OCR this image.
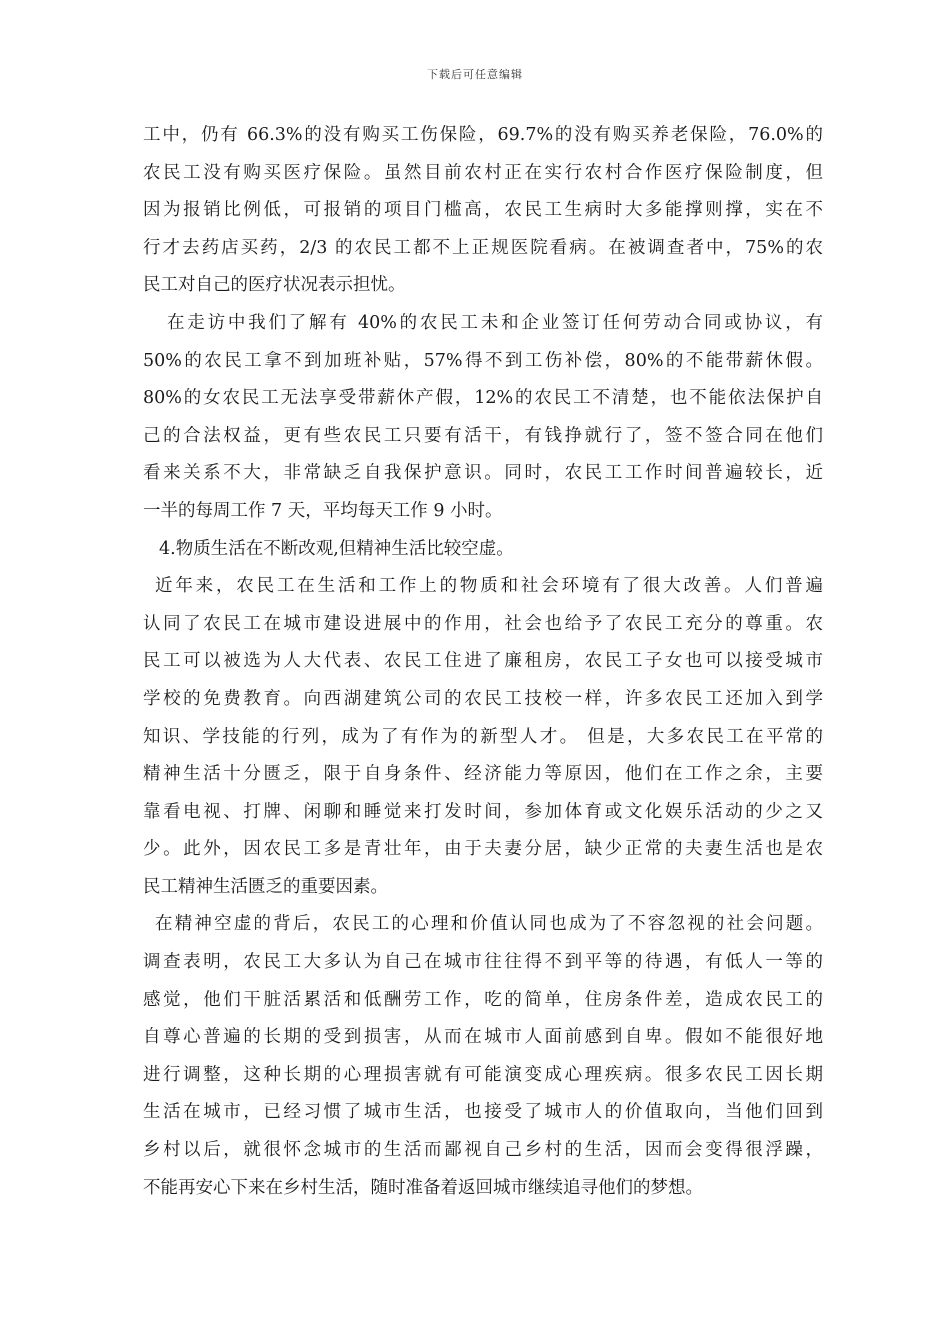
下载后可任意编辑
工中，仍有 66.3%的没有购买工伤保险，69.7%的没有购买养老保险，76.0%的
农民工没有购买医疗保险。虽然目前农村正在实行农村合作医疗保险制度，但
因为报销比例低，可报销的项目门槛高，农民工生病时大多能撑则撑，实在不
行才去药店买药，2/3 的农民工都不上正规医院看病。在被调查者中，75%的农
民工对自己的医疗状况表示担忧。
在走访中我们了解有 40%的农民工未和企业签订任何劳动合同或协议，有
50%的农民工拿不到加班补贴，57%得不到工伤补偿，80%的不能带薪休假。
80%的女农民工无法享受带薪休产假，12%的农民工不清楚，也不能依法保护自
己的合法权益，更有些农民工只要有活干，有钱挣就行了，签不签合同在他们
看来关系不大，非常缺乏自我保护意识。同时，农民工工作时间普遍较长，近
一半的每周工作 7 天，平均每天工作 9 小时。
4.物质生活在不断改观,但精神生活比较空虚。
近年来，农民工在生活和工作上的物质和社会环境有了很大改善。人们普遍
认同了农民工在城市建设进展中的作用，社会也给予了农民工充分的尊重。农
民工可以被选为人大代表、农民工住进了廉租房，农民工子女也可以接受城市
学校的免费教育。向西湖建筑公司的农民工技校一样，许多农民工还加入到学
知识、学技能的行列，成为了有作为的新型人才。 但是，大多农民工在平常的
精神生活十分匮乏，限于自身条件、经济能力等原因，他们在工作之余，主要
靠看电视、打牌、闲聊和睡觉来打发时间，参加体育或文化娱乐活动的少之又
少。此外，因农民工多是青壮年，由于夫妻分居，缺少正常的夫妻生活也是农
民工精神生活匮乏的重要因素。
在精神空虚的背后，农民工的心理和价值认同也成为了不容忽视的社会问题。
调查表明，农民工大多认为自己在城市往往得不到平等的待遇，有低人一等的
感觉，他们干脏活累活和低酬劳工作，吃的简单，住房条件差，造成农民工的
自尊心普遍的长期的受到损害，从而在城市人面前感到自卑。假如不能很好地
进行调整，这种长期的心理损害就有可能演变成心理疾病。很多农民工因长期
生活在城市，已经习惯了城市生活，也接受了城市人的价值取向，当他们回到
乡村以后，就很怀念城市的生活而鄙视自己乡村的生活，因而会变得很浮躁，
不能再安心下来在乡村生活，随时准备着返回城市继续追寻他们的梦想。
